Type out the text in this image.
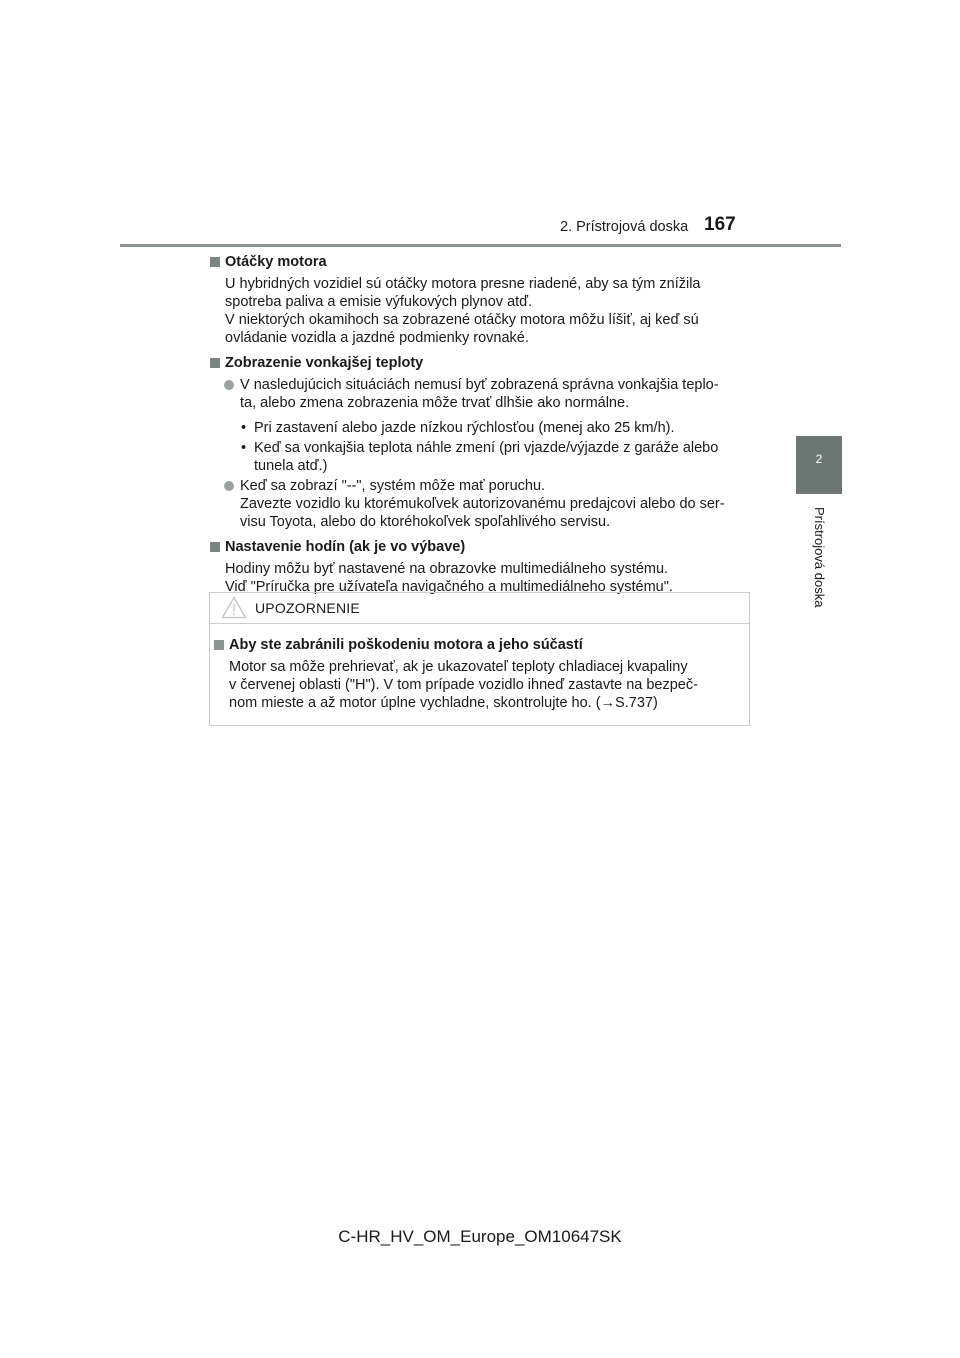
2. Prístrojová doska 167
2
Prístrojová doska
Otáčky motora
U hybridných vozidiel sú otáčky motora presne riadené, aby sa tým znížila
spotreba paliva a emisie výfukových plynov atď.
V niektorých okamihoch sa zobrazené otáčky motora môžu líšiť, aj keď sú
ovládanie vozidla a jazdné podmienky rovnaké.
Zobrazenie vonkajšej teploty
V nasledujúcich situáciách nemusí byť zobrazená správna vonkajšia teplo-
ta, alebo zmena zobrazenia môže trvať dlhšie ako normálne.
• Pri zastavení alebo jazde nízkou rýchlosťou (menej ako 25 km/h).
• Keď sa vonkajšia teplota náhle zmení (pri vjazde/výjazde z garáže alebo
tunela atď.)
Keď sa zobrazí "--", systém môže mať poruchu.
Zavezte vozidlo ku ktorémukoľvek autorizovanému predajcovi alebo do ser-
visu Toyota, alebo do ktoréhokoľvek spoľahlivého servisu.
Nastavenie hodín (ak je vo výbave)
Hodiny môžu byť nastavené na obrazovke multimediálneho systému.
Viď "Príručka pre užívateľa navigačného a multimediálneho systému".
UPOZORNENIE
Aby ste zabránili poškodeniu motora a jeho súčastí
Motor sa môže prehrievať, ak je ukazovateľ teploty chladiacej kvapaliny
v červenej oblasti ("H"). V tom prípade vozidlo ihneď zastavte na bezpeč-
nom mieste a až motor úplne vychladne, skontrolujte ho. (→S.737)
C-HR_HV_OM_Europe_OM10647SK
